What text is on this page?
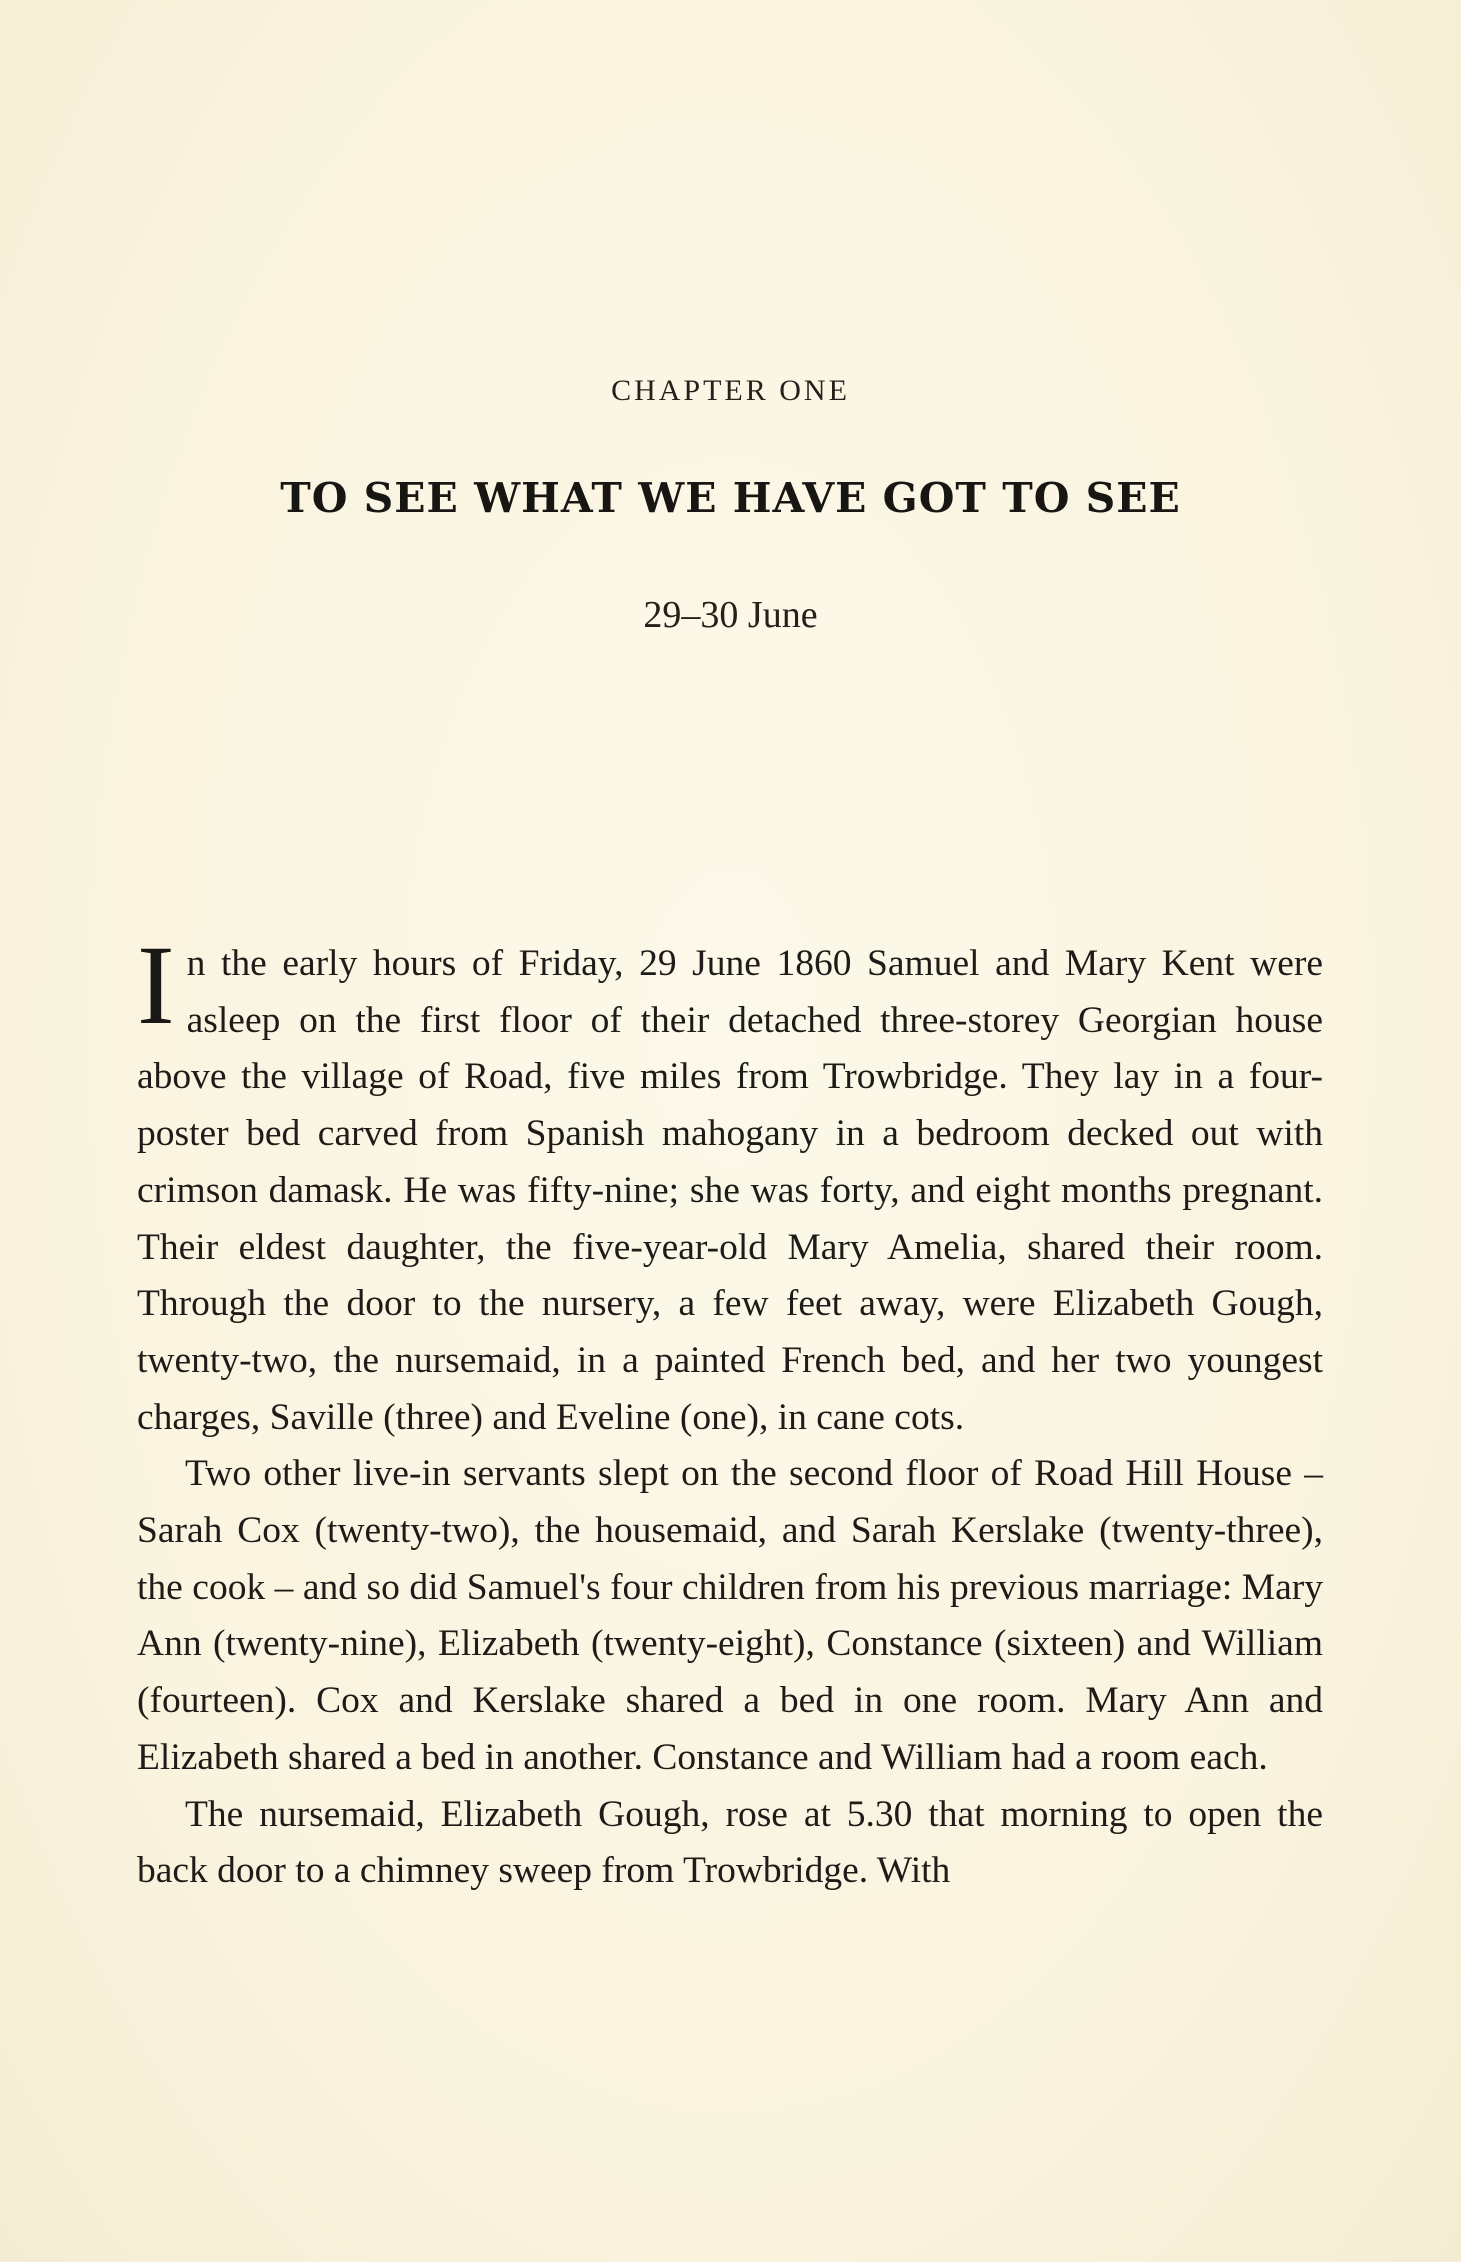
CHAPTER ONE

TO SEE WHAT WE HAVE GOT TO SEE

29–30 June

In the early hours of Friday, 29 June 1860 Samuel and Mary Kent were asleep on the first floor of their detached three-storey Georgian house above the village of Road, five miles from Trowbridge. They lay in a four-poster bed carved from Spanish mahogany in a bedroom decked out with crimson damask. He was fifty-nine; she was forty, and eight months pregnant. Their eldest daughter, the five-year-old Mary Amelia, shared their room. Through the door to the nursery, a few feet away, were Elizabeth Gough, twenty-two, the nursemaid, in a painted French bed, and her two youngest charges, Saville (three) and Eveline (one), in cane cots.

Two other live-in servants slept on the second floor of Road Hill House – Sarah Cox (twenty-two), the housemaid, and Sarah Kerslake (twenty-three), the cook – and so did Samuel's four children from his previous marriage: Mary Ann (twenty-nine), Elizabeth (twenty-eight), Constance (sixteen) and William (fourteen). Cox and Kerslake shared a bed in one room. Mary Ann and Elizabeth shared a bed in another. Constance and William had a room each.

The nursemaid, Elizabeth Gough, rose at 5.30 that morning to open the back door to a chimney sweep from Trowbridge. With
